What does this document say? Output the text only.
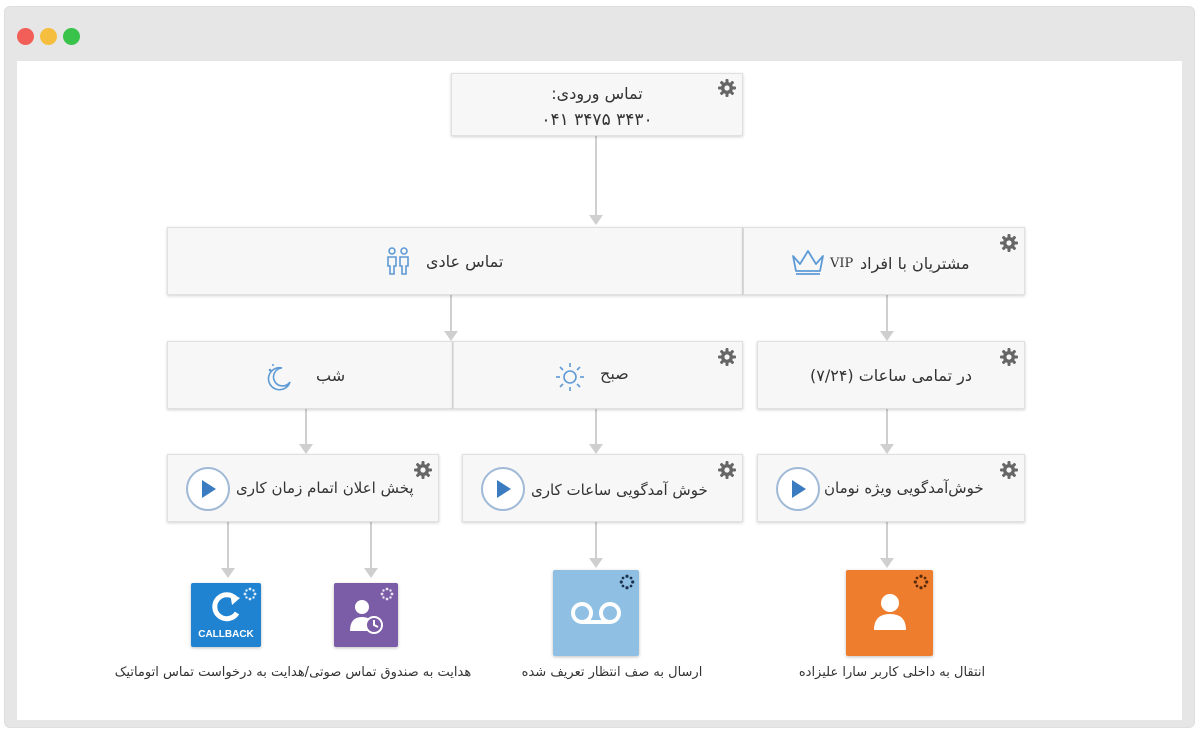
تماس ورودی:
۰۴۱ ۳۴۷۵ ۳۴۳۰
تماس عادی	مشتریان با افراد
VIP
شب	صبح	در تمامی ساعات (۷/۲۴)
پخش اعلان اتمام زمان کاری	خوش آمدگویی ساعات کاری	خوش‌آمدگویی ویژه نومان
CALLBACK
هدایت به صندوق تماس صوتی/هدایت به درخواست تماس اتوماتیک	ارسال به صف انتظار تعریف شده	انتقال به داخلی کاربر سارا علیزاده
